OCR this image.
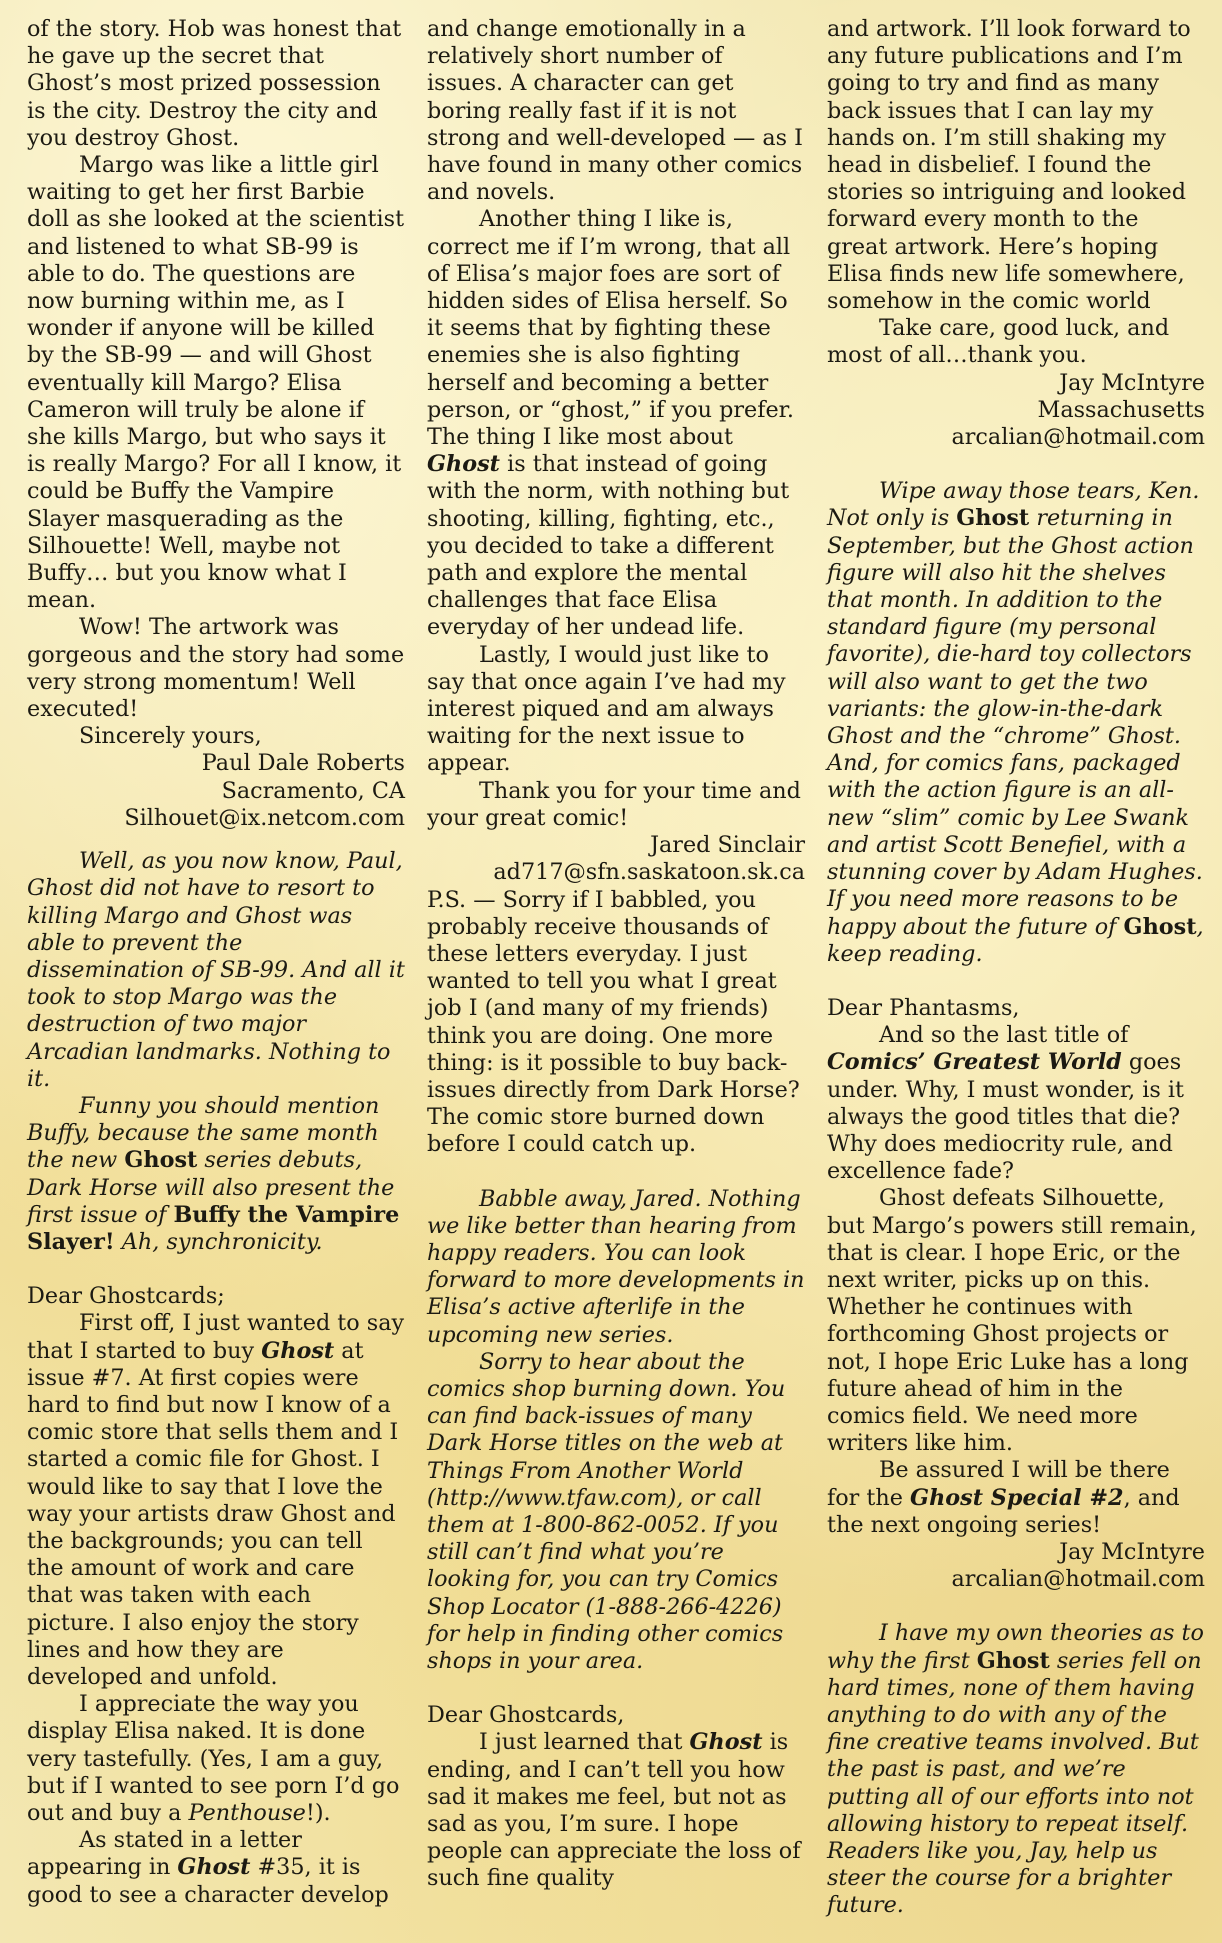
of the story. Hob was honest that he gave up the secret that Ghost’s most prized possession is the city. Destroy the city and you destroy Ghost.

Margo was like a little girl waiting to get her first Barbie doll as she looked at the scientist and listened to what SB-99 is able to do. The questions are now burning within me, as I wonder if anyone will be killed by the SB-99 — and will Ghost eventually kill Margo? Elisa Cameron will truly be alone if she kills Margo, but who says it is really Margo? For all I know, it could be Buffy the Vampire Slayer masquerading as the Silhouette! Well, maybe not Buffy… but you know what I mean.

Wow! The artwork was gorgeous and the story had some very strong momentum! Well executed!

Sincerely yours,

Paul Dale Roberts

Sacramento, CA

Silhouet@ix.netcom.com

Well, as you now know, Paul, Ghost did not have to resort to killing Margo and Ghost was able to prevent the dissemination of SB-99. And all it took to stop Margo was the destruction of two major Arcadian landmarks. Nothing to it.

Funny you should mention Buffy, because the same month the new Ghost series debuts, Dark Horse will also present the first issue of Buffy the Vampire Slayer! Ah, synchronicity.

Dear Ghostcards;

First off, I just wanted to say that I started to buy Ghost at issue #7. At first copies were hard to find but now I know of a comic store that sells them and I started a comic file for Ghost. I would like to say that I love the way your artists draw Ghost and the backgrounds; you can tell the amount of work and care that was taken with each picture. I also enjoy the story lines and how they are developed and unfold.

I appreciate the way you display Elisa naked. It is done very tastefully. (Yes, I am a guy, but if I wanted to see porn I’d go out and buy a Penthouse!).

As stated in a letter appearing in Ghost #35, it is good to see a character develop

and change emotionally in a relatively short number of issues. A character can get boring really fast if it is not strong and well-developed — as I have found in many other comics and novels.

Another thing I like is, correct me if I’m wrong, that all of Elisa’s major foes are sort of hidden sides of Elisa herself. So it seems that by fighting these enemies she is also fighting herself and becoming a better person, or “ghost,” if you prefer. The thing I like most about Ghost is that instead of going with the norm, with nothing but shooting, killing, fighting, etc., you decided to take a different path and explore the mental challenges that face Elisa everyday of her undead life.

Lastly, I would just like to say that once again I’ve had my interest piqued and am always waiting for the next issue to appear.

Thank you for your time and your great comic!

Jared Sinclair

ad717@sfn.saskatoon.sk.ca

P.S. — Sorry if I babbled, you probably receive thousands of these letters everyday. I just wanted to tell you what I great job I (and many of my friends) think you are doing. One more thing: is it possible to buy back-issues directly from Dark Horse? The comic store burned down before I could catch up.

Babble away, Jared. Nothing we like better than hearing from happy readers. You can look forward to more developments in Elisa’s active afterlife in the upcoming new series.

Sorry to hear about the comics shop burning down. You can find back-issues of many Dark Horse titles on the web at Things From Another World (http://www.tfaw.com), or call them at 1-800-862-0052. If you still can’t find what you’re looking for, you can try Comics Shop Locator (1-888-266-4226) for help in finding other comics shops in your area.

Dear Ghostcards,

I just learned that Ghost is ending, and I can’t tell you how sad it makes me feel, but not as sad as you, I’m sure. I hope people can appreciate the loss of such fine quality

and artwork. I’ll look forward to any future publications and I’m going to try and find as many back issues that I can lay my hands on. I’m still shaking my head in disbelief. I found the stories so intriguing and looked forward every month to the great artwork. Here’s hoping Elisa finds new life somewhere, somehow in the comic world

Take care, good luck, and most of all…thank you.

Jay McIntyre

Massachusetts

arcalian@hotmail.com

Wipe away those tears, Ken. Not only is Ghost returning in September, but the Ghost action figure will also hit the shelves that month. In addition to the standard figure (my personal favorite), die-hard toy collectors will also want to get the two variants: the glow-in-the-dark Ghost and the “chrome” Ghost. And, for comics fans, packaged with the action figure is an all-new “slim” comic by Lee Swank and artist Scott Benefiel, with a stunning cover by Adam Hughes. If you need more reasons to be happy about the future of Ghost, keep reading.

Dear Phantasms,

And so the last title of Comics’ Greatest World goes under. Why, I must wonder, is it always the good titles that die? Why does mediocrity rule, and excellence fade?

Ghost defeats Silhouette, but Margo’s powers still remain, that is clear. I hope Eric, or the next writer, picks up on this. Whether he continues with forthcoming Ghost projects or not, I hope Eric Luke has a long future ahead of him in the comics field. We need more writers like him.

Be assured I will be there for the Ghost Special #2, and the next ongoing series!

Jay McIntyre

arcalian@hotmail.com

I have my own theories as to why the first Ghost series fell on hard times, none of them having anything to do with any of the fine creative teams involved. But the past is past, and we’re putting all of our efforts into not allowing history to repeat itself. Readers like you, Jay, help us steer the course for a brighter future.
